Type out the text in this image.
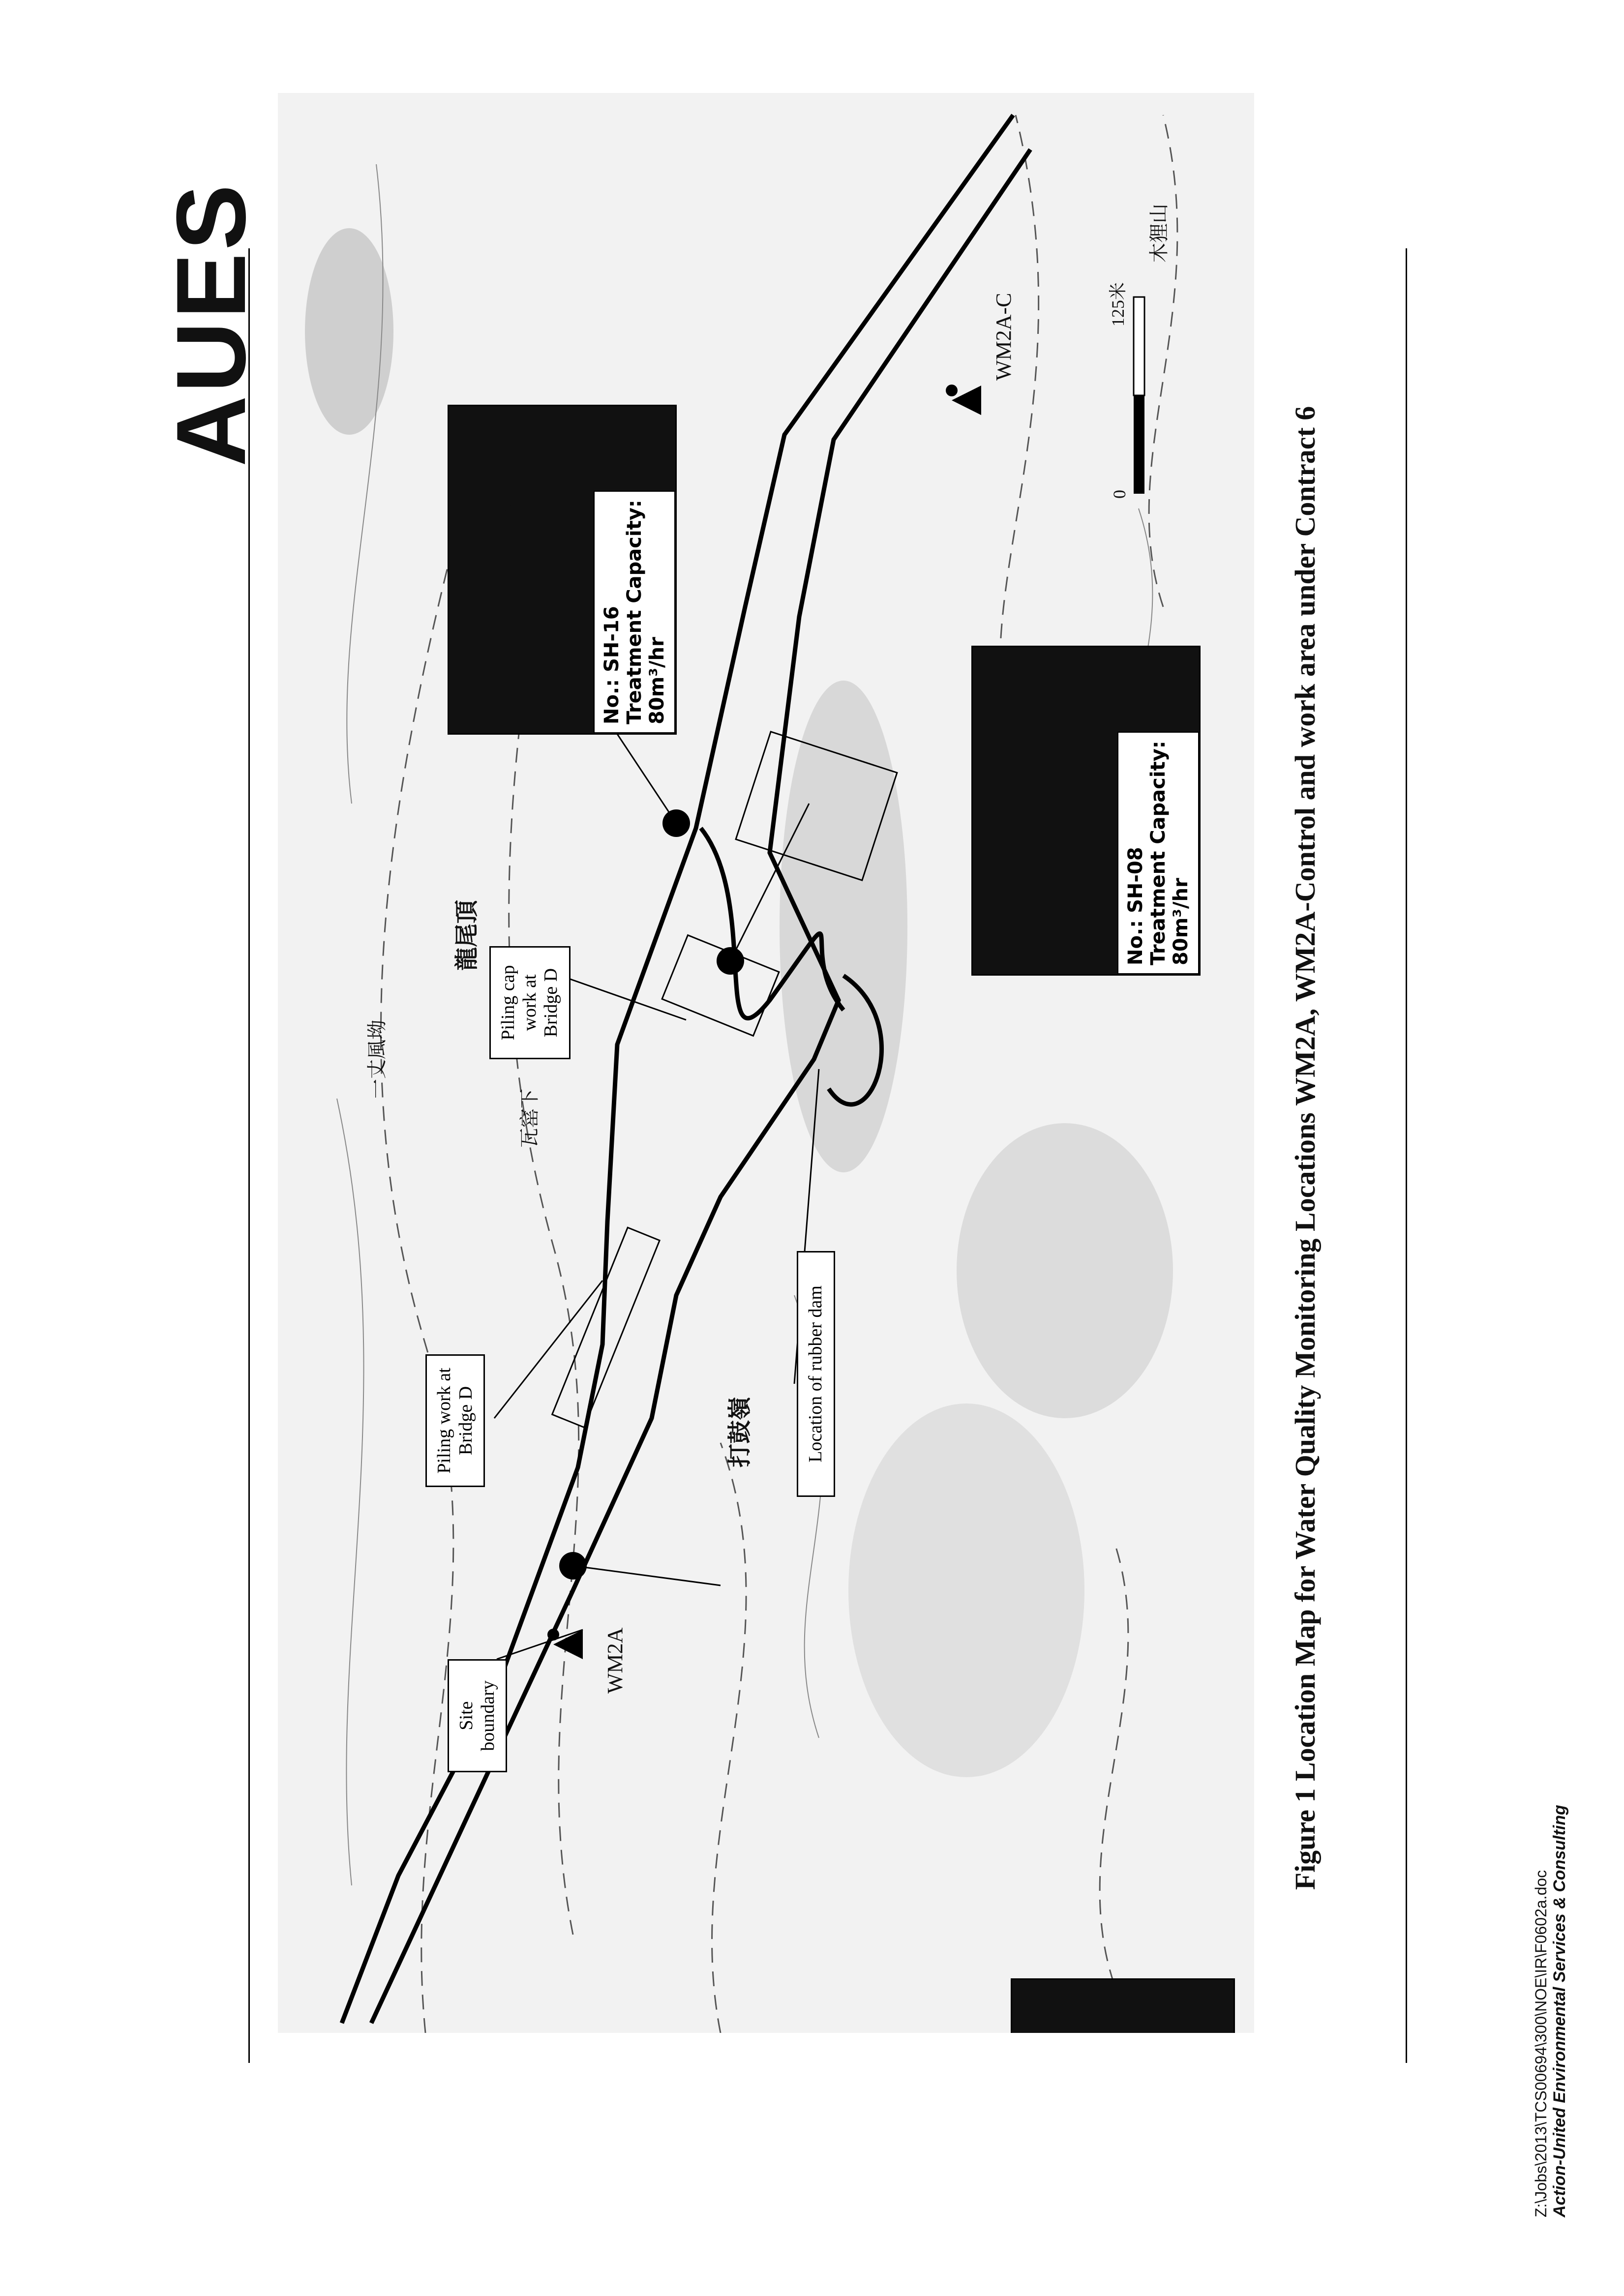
AUES
No.: SH-16 Treatment Capacity: 80m³/hr
No.: SH-08 Treatment Capacity: 80m³/hr
Site boundary
Piling work at Bridge D
Piling cap work at Bridge D
Location of rubber dam
打鼓嶺
龍尾頂
瓦窰下
一丈風坳
木狸山
WM2A
WM2A-C
N
0
125米
Figure 1 Location Map for Water Quality Monitoring Locations WM2A, WM2A-Control and work area under Contract 6
Z:\Jobs\2013\TCS00694\300\NOE\IR\F0602a.doc Action-United Environmental Services & Consulting
